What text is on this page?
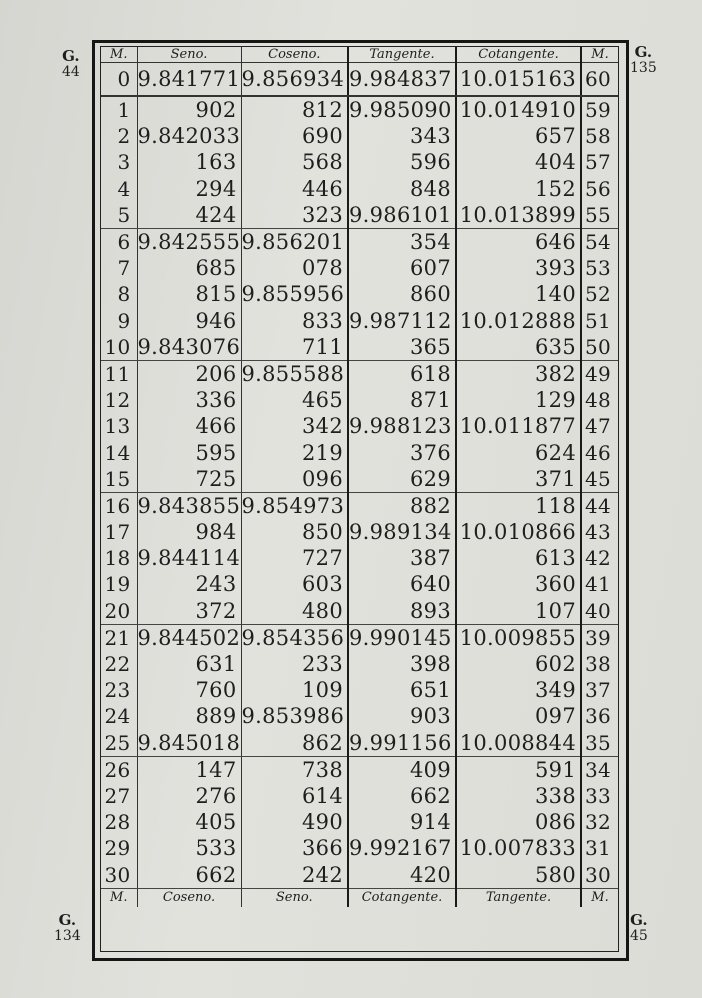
G.
44
G.
135
G.
134
G.
45
M.	Seno.	Coseno.	Tangente.	Cotangente.	M.
0	9.841771	9.856934	9.984837	10.015163	60
1	902	812	9.985090	10.014910	59
2	9.842033	690	343	657	58
3	163	568	596	404	57
4	294	446	848	152	56
5	424	323	9.986101	10.013899	55
6	9.842555	9.856201	354	646	54
7	685	078	607	393	53
8	815	9.855956	860	140	52
9	946	833	9.987112	10.012888	51
10	9.843076	711	365	635	50
11	206	9.855588	618	382	49
12	336	465	871	129	48
13	466	342	9.988123	10.011877	47
14	595	219	376	624	46
15	725	096	629	371	45
16	9.843855	9.854973	882	118	44
17	984	850	9.989134	10.010866	43
18	9.844114	727	387	613	42
19	243	603	640	360	41
20	372	480	893	107	40
21	9.844502	9.854356	9.990145	10.009855	39
22	631	233	398	602	38
23	760	109	651	349	37
24	889	9.853986	903	097	36
25	9.845018	862	9.991156	10.008844	35
26	147	738	409	591	34
27	276	614	662	338	33
28	405	490	914	086	32
29	533	366	9.992167	10.007833	31
30	662	242	420	580	30
M.	Coseno.	Seno.	Cotangente.	Tangente.	M.
